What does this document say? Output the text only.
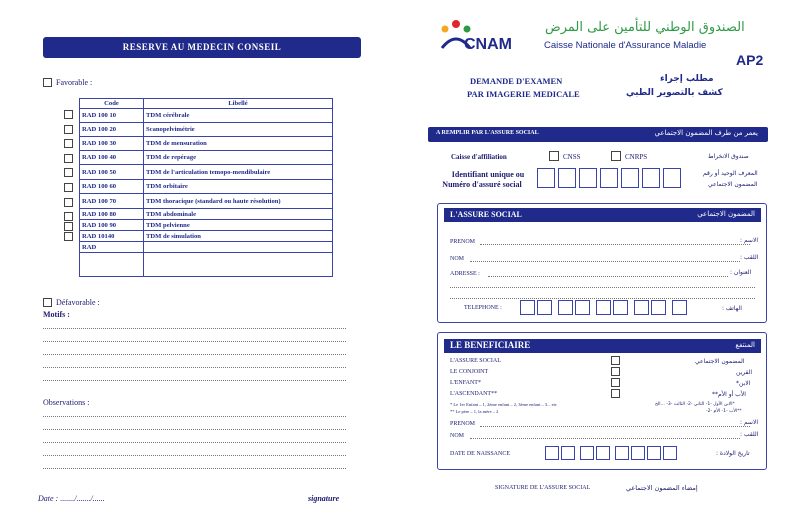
RESERVE AU MEDECIN CONSEIL
Favorable :
Code	Libellé
RAD 100 10	TDM cérébrale
RAD 100 20	Scanopelvimétrie
RAD 100 30	TDM de mensuration
RAD 100 40	TDM de repérage
RAD 100 50	TDM de l'articulation temopo-mendibulaire
RAD 100 60	TDM orbitaire
RAD 100 70	TDM thoracique (standard ou haute résolution)
RAD 100 80	TDM abdominale
RAD 100 90	TDM pelvienne
RAD 10140	TDM de simulation
RAD	

Défavorable :
Motifs :
Observations :
Date : ......./......./......	signature
الصندوق الوطني للتأمين على المرض
CNAM	Caisse Nationale d'Assurance Maladie
AP2
DEMANDE D'EXAMEN
PAR IMAGERIE MEDICALE
مطلب إجراء
كشف بالتصوير الطبي
A REMPLIR PAR L'ASSURE SOCIAL	يعمر من طرف المضمون الاجتماعي
Caisse d'affiliation	CNSS	CNRPS	صندوق الانخراط
Identifiant unique ou
Numéro d'assuré social
المعرف الوحيد أو رقم
المضمون الاجتماعي
L'ASSURE SOCIAL	المضمون الاجتماعي
PRENOM	الاسم :
NOM	اللقب :
ADRESSE :	العنوان :
TELEPHONE :	الهاتف :
LE BENEFICIAIRE	المنتفع
L'ASSURE SOCIAL	المضمون الاجتماعي
LE CONJOINT	القرين
L'ENFANT*	الابن*
L'ASCENDANT**	الأب أو الأم**
* Le 1er Enfant – 1, 2ème enfant – 2, 3ème enfant – 3... etc
** Le pére – 1, la mère – 2
*الابن الأول -1- الثاني -2- الثالث -3- ...الخ
**الأب -1- الأم -2-
PRENOM	الاسم :
NOM	اللقب :
DATE DE NAISSANCE	تاريخ الولادة :
SIGNATURE DE L'ASSURE SOCIAL	إمضاء المضمون الاجتماعي
